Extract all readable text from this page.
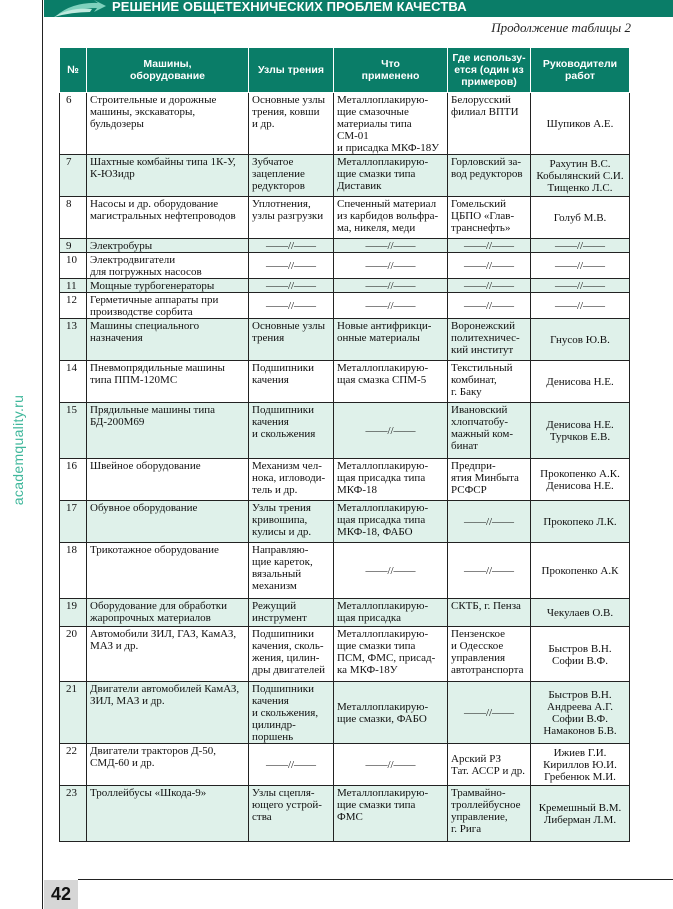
РЕШЕНИЕ ОБЩЕТЕХНИЧЕСКИХ ПРОБЛЕМ КАЧЕСТВА
academquality.ru
Продолжение таблицы 2
№	Машины,
оборудование	Узлы трения	Что
применено	Где использу-
ется (один из
примеров)	Руководители
работ

6	Строительные и дорожные
машины, экскаваторы,
бульдозеры	Основные узлы
трения, ковши
и др.	Металлоплакирую-
щие смазочные
материалы типа СМ-01
и присадка МКФ-18У	Белорусский
филиал ВПТИ	Шупиков А.Е.

7	Шахтные комбайны типа 1К-У,
К-ЮЗидр	Зубчатое
зацепление
редукторов	Металлоплакирую-
щие смазки типа
Диставик	Горловский за-
вод редукторов	Рахутин В.С.
Кобылянский С.И.
Тищенко Л.С.

8	Насосы и др. оборудование
магистральных нефтепроводов	Уплотнения,
узлы разгрузки	Спеченный материал
из карбидов вольфра-
ма, никеля, меди	Гомельский
ЦБПО «Глав-
транснефть»	Голуб М.В.

9	Электробуры	——//——	——//——	——//——	——//——

10	Электродвигатели
для погружных насосов	——//——	——//——	——//——	——//——

11	Мощные турбогенераторы	——//——	——//——	——//——	——//——

12	Герметичные аппараты при
производстве сорбита	——//——	——//——	——//——	——//——

13	Машины специального
назначения	Основные узлы
трения	Новые антифрикци-
онные материалы	Воронежский
политехничес-
кий институт	Гнусов Ю.В.

14	Пневмопрядильные машины
типа ППМ-120МС	Подшипники
качения	Металлоплакирую-
щая смазка СПМ-5	Текстильный
комбинат,
г. Баку	Денисова Н.Е.

15	Прядильные машины типа
БД-200М69	Подшипники
качения
и скольжения	——//——	Ивановский
хлопчатобу-
мажный ком-
бинат	Денисова Н.Е.
Турчков Е.В.

16	Швейное оборудование	Механизм чел-
нока, игловоди-
тель и др.	Металлоплакирую-
щая присадка типа
МКФ-18	Предпри-
ятия Минбыта
РСФСР	Прокопенко А.К.
Денисова Н.Е.

17	Обувное оборудование	Узлы трения
кривошипа,
кулисы и др.	Металлоплакирую-
щая присадка типа
МКФ-18, ФАБО	——//——	Прокопеко Л.К.

18	Трикотажное оборудование	Направляю-
щие кареток,
вязальный
механизм	——//——	——//——	Прокопенко А.К

19	Оборудование для обработки
жаропрочных материалов	Режущий
инструмент	Металлоплакирую-
щая присадка	СКТБ, г. Пенза	Чекулаев О.В.

20	Автомобили ЗИЛ, ГАЗ, КамАЗ,
МАЗ и др.	Подшипники
качения, сколь-
жения, цилин-
дры двигателей	Металлоплакирую-
щие смазки типа
ПСМ, ФМС, присад-
ка МКФ-18У	Пензенское
и Одесское
управления
автотранспорта	Быстров В.Н.
Софии В.Ф.

21	Двигатели автомобилей КамАЗ,
ЗИЛ, МАЗ и др.	Подшипники
качения
и скольжения,
цилиндр-
поршень	Металлоплакирую-
щие смазки, ФАБО	——//——	Быстров В.Н.
Андреева А.Г.
Софии В.Ф.
Намаконов Б.В.

22	Двигатели тракторов Д-50,
СМД-60 и др.	——//——	——//——	Арский РЗ
Тат. АССР и др.	Ижиев Г.И.
Кириллов Ю.И.
Гребенюк М.И.

23	Троллейбусы «Шкода-9»	Узлы сцепля-
ющего устрой-
ства	Металлоплакирую-
щие смазки типа
ФМС	Трамвайно-
троллейбусное
управление,
г. Рига	Кремешный В.М.
Либерман Л.М.
42
